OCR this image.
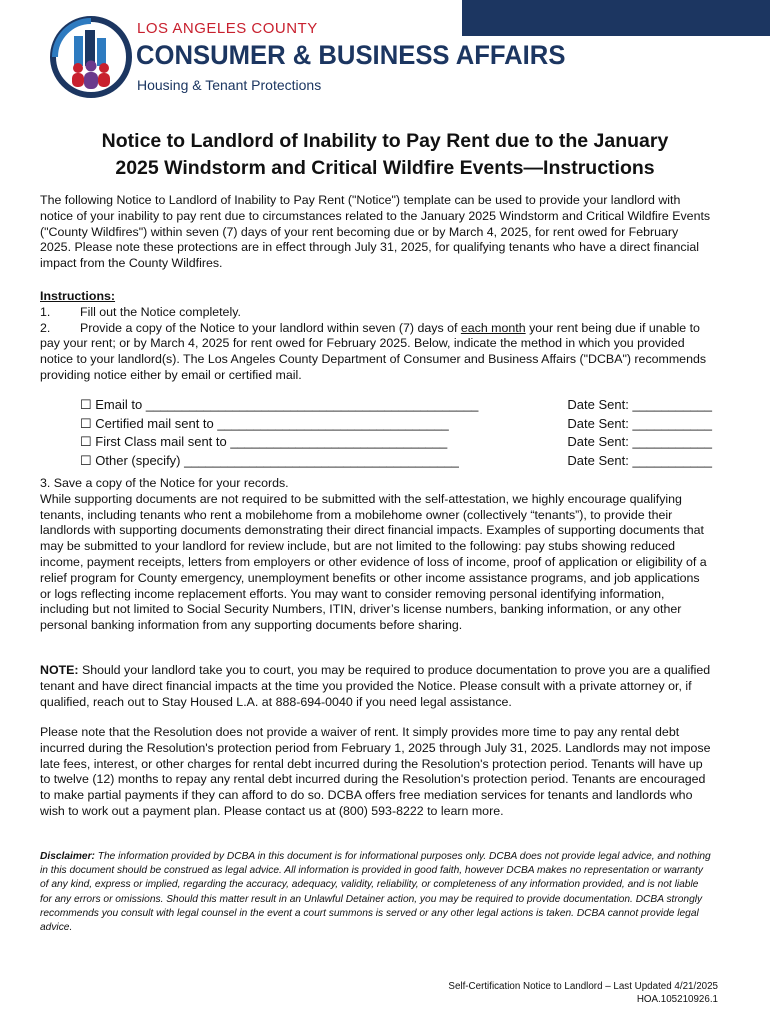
LOS ANGELES COUNTY
CONSUMER & BUSINESS AFFAIRS
Housing & Tenant Protections
Notice to Landlord of Inability to Pay Rent due to the January
2025 Windstorm and Critical Wildfire Events—Instructions
The following Notice to Landlord of Inability to Pay Rent ("Notice") template can be used to provide your landlord with notice of your inability to pay rent due to circumstances related to the January 2025 Windstorm and Critical Wildfire Events ("County Wildfires") within seven (7) days of your rent becoming due or by March 4, 2025, for rent owed for February 2025. Please note these protections are in effect through July 31, 2025, for qualifying tenants who have a direct financial impact from the County Wildfires.
Instructions:
1. Fill out the Notice completely.
2. Provide a copy of the Notice to your landlord within seven (7) days of each month your rent being due if unable to pay your rent; or by March 4, 2025 for rent owed for February 2025. Below, indicate the method in which you provided notice to your landlord(s). The Los Angeles County Department of Consumer and Business Affairs ("DCBA") recommends providing notice either by email or certified mail.
☐ Email to ______________________________________________	Date Sent: ___________
☐ Certified mail sent to ________________________________	Date Sent: ___________
☐ First Class mail sent to ______________________________	Date Sent: ___________
☐ Other (specify) ______________________________________	Date Sent: ___________
3. Save a copy of the Notice for your records.
While supporting documents are not required to be submitted with the self-attestation, we highly encourage qualifying tenants, including tenants who rent a mobilehome from a mobilehome owner (collectively “tenants”), to provide their landlords with supporting documents demonstrating their direct financial impacts. Examples of supporting documents that may be submitted to your landlord for review include, but are not limited to the following: pay stubs showing reduced income, payment receipts, letters from employers or other evidence of loss of income, proof of application or eligibility of a relief program for County emergency, unemployment benefits or other income assistance programs, and job applications or logs reflecting income replacement efforts. You may want to consider removing personal identifying information, including but not limited to Social Security Numbers, ITIN, driver’s license numbers, banking information, or any other personal banking information from any supporting documents before sharing.
NOTE: Should your landlord take you to court, you may be required to produce documentation to prove you are a qualified tenant and have direct financial impacts at the time you provided the Notice. Please consult with a private attorney or, if qualified, reach out to Stay Housed L.A. at 888-694-0040 if you need legal assistance.
Please note that the Resolution does not provide a waiver of rent. It simply provides more time to pay any rental debt incurred during the Resolution's protection period from February 1, 2025 through July 31, 2025. Landlords may not impose late fees, interest, or other charges for rental debt incurred during the Resolution's protection period. Tenants will have up to twelve (12) months to repay any rental debt incurred during the Resolution's protection period. Tenants are encouraged to make partial payments if they can afford to do so. DCBA offers free mediation services for tenants and landlords who wish to work out a payment plan. Please contact us at (800) 593-8222 to learn more.
Disclaimer: The information provided by DCBA in this document is for informational purposes only. DCBA does not provide legal advice, and nothing in this document should be construed as legal advice. All information is provided in good faith, however DCBA makes no representation or warranty of any kind, express or implied, regarding the accuracy, adequacy, validity, reliability, or completeness of any information provided, and is not liable for any errors or omissions. Should this matter result in an Unlawful Detainer action, you may be required to provide documentation. DCBA strongly recommends you consult with legal counsel in the event a court summons is served or any other legal actions is taken. DCBA cannot provide legal advice.
Self-Certification Notice to Landlord – Last Updated 4/21/2025
HOA.105210926.1
